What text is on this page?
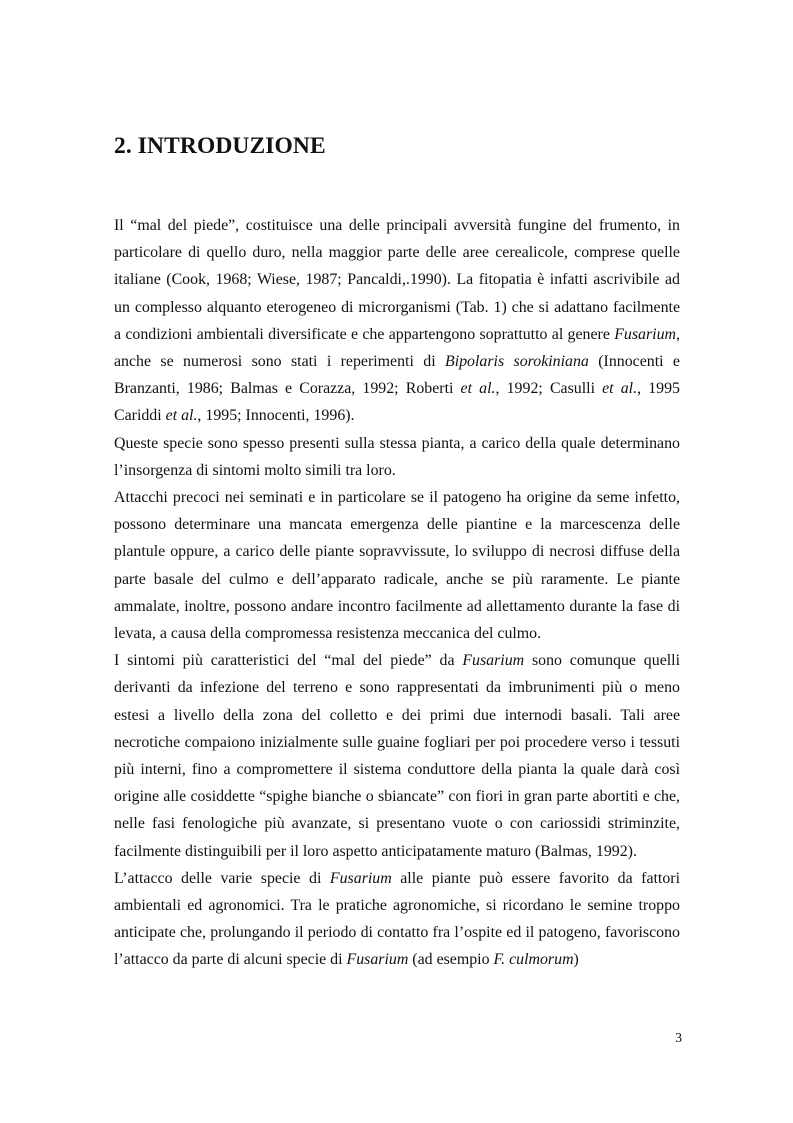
2. INTRODUZIONE

Il “mal del piede”, costituisce una delle principali avversità fungine del frumento, in particolare di quello duro, nella maggior parte delle aree cerealicole, comprese quelle italiane (Cook, 1968; Wiese, 1987; Pancaldi,.1990). La fitopatia è infatti ascrivibile ad un complesso alquanto eterogeneo di microrganismi (Tab. 1) che si adattano facilmente a condizioni ambientali diversificate e che appartengono soprattutto al genere Fusarium, anche se numerosi sono stati i reperimenti di Bipolaris sorokiniana (Innocenti e Branzanti, 1986; Balmas e Corazza, 1992; Roberti et al., 1992; Casulli et al., 1995 Cariddi et al., 1995; Innocenti, 1996).

Queste specie sono spesso presenti sulla stessa pianta, a carico della quale determinano l’insorgenza di sintomi molto simili tra loro.

Attacchi precoci nei seminati e in particolare se il patogeno ha origine da seme infetto, possono determinare una mancata emergenza delle piantine e la marcescenza delle plantule oppure, a carico delle piante sopravvissute, lo sviluppo di necrosi diffuse della parte basale del culmo e dell’apparato radicale, anche se più raramente. Le piante ammalate, inoltre, possono andare incontro facilmente ad allettamento durante la fase di levata, a causa della compromessa resistenza meccanica del culmo.

I sintomi più caratteristici del “mal del piede” da Fusarium sono comunque quelli derivanti da infezione del terreno e sono rappresentati da imbrunimenti più o meno estesi a livello della zona del colletto e dei primi due internodi basali. Tali aree necrotiche compaiono inizialmente sulle guaine fogliari per poi procedere verso i tessuti più interni, fino a compromettere il sistema conduttore della pianta la quale darà così origine alle cosiddette “spighe bianche o sbiancate” con fiori in gran parte abortiti e che, nelle fasi fenologiche più avanzate, si presentano vuote o con cariossidi striminzite, facilmente distinguibili per il loro aspetto anticipatamente maturo (Balmas, 1992).

L’attacco delle varie specie di Fusarium alle piante può essere favorito da fattori ambientali ed agronomici. Tra le pratiche agronomiche, si ricordano le semine troppo anticipate che, prolungando il periodo di contatto fra l’ospite ed il patogeno, favoriscono l’attacco da parte di alcuni specie di Fusarium (ad esempio F. culmorum)

3
